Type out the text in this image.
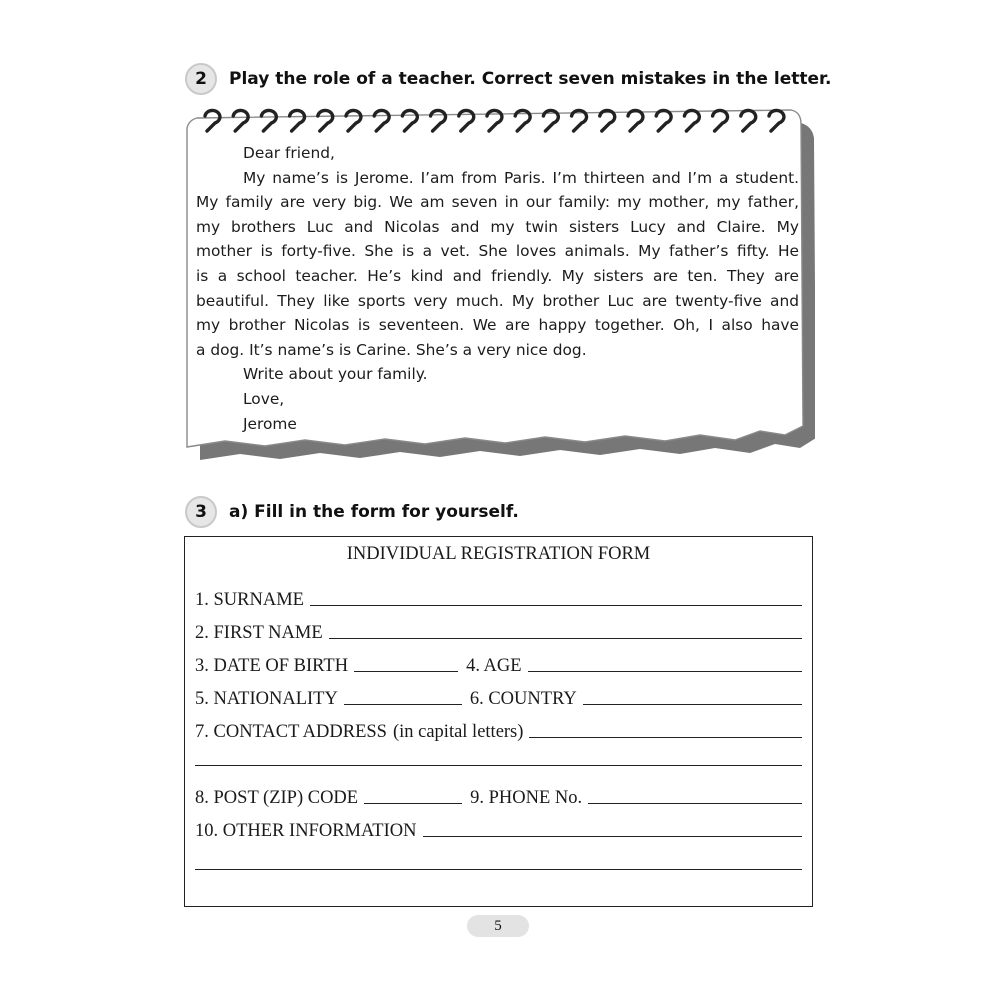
2	Play the role of a teacher. Correct seven mistakes in the letter.

Dear friend,

My name’s is Jerome. I’am from Paris. I’m thirteen and I’m a student.

My family are very big. We am seven in our family: my mother, my father,

my brothers Luc and Nicolas and my twin sisters Lucy and Claire. My

mother is forty-five. She is a vet. She loves animals. My father’s fifty. He

is a school teacher. He’s kind and friendly. My sisters are ten. They are

beautiful. They like sports very much. My brother Luc are twenty-five and

my brother Nicolas is seventeen. We are happy together. Oh, I also have

a dog. It’s name’s is Carine. She’s a very nice dog.

Write about your family.

Love,

Jerome

3	a) Fill in the form for yourself.
INDIVIDUAL REGISTRATION FORM
1. SURNAME
2. FIRST NAME
3. DATE OF BIRTH	4. AGE
5. NATIONALITY	6. COUNTRY
7. CONTACT ADDRESS (in capital letters)
8. POST (ZIP) CODE	9. PHONE No.
10. OTHER INFORMATION
5
